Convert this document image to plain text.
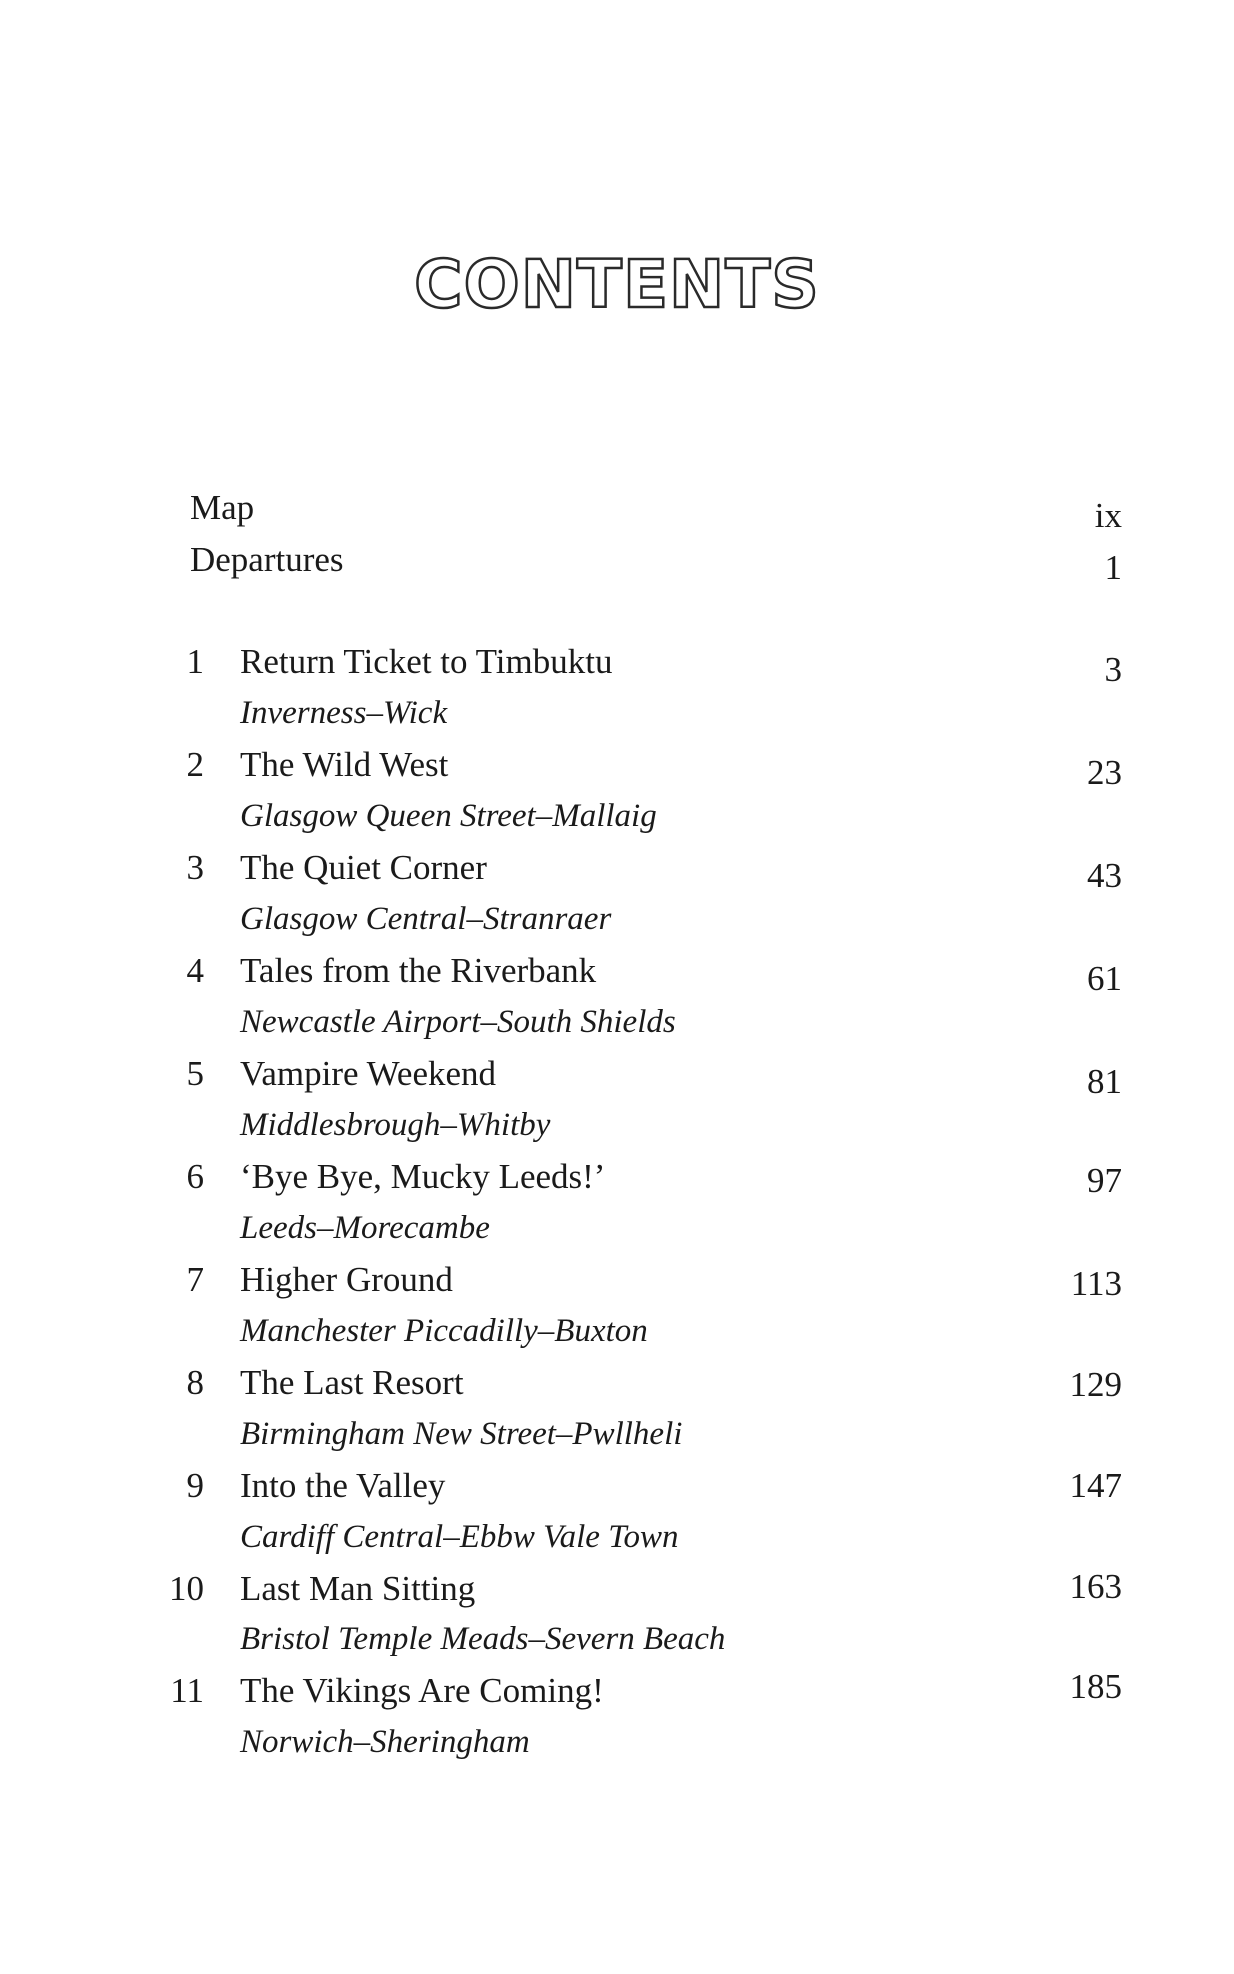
CONTENTS
Map	ix
Departures	1
1 Return Ticket to Timbuktu	3
Inverness–Wick
2 The Wild West	23
Glasgow Queen Street–Mallaig
3 The Quiet Corner	43
Glasgow Central–Stranraer
4 Tales from the Riverbank	61
Newcastle Airport–South Shields
5 Vampire Weekend	81
Middlesbrough–Whitby
6 ‘Bye Bye, Mucky Leeds!’	97
Leeds–Morecambe
7 Higher Ground	113
Manchester Piccadilly–Buxton
8 The Last Resort	129
Birmingham New Street–Pwllheli
9 Into the Valley	147
Cardiff Central–Ebbw Vale Town
10 Last Man Sitting	163
Bristol Temple Meads–Severn Beach
11 The Vikings Are Coming!	185
Norwich–Sheringham
